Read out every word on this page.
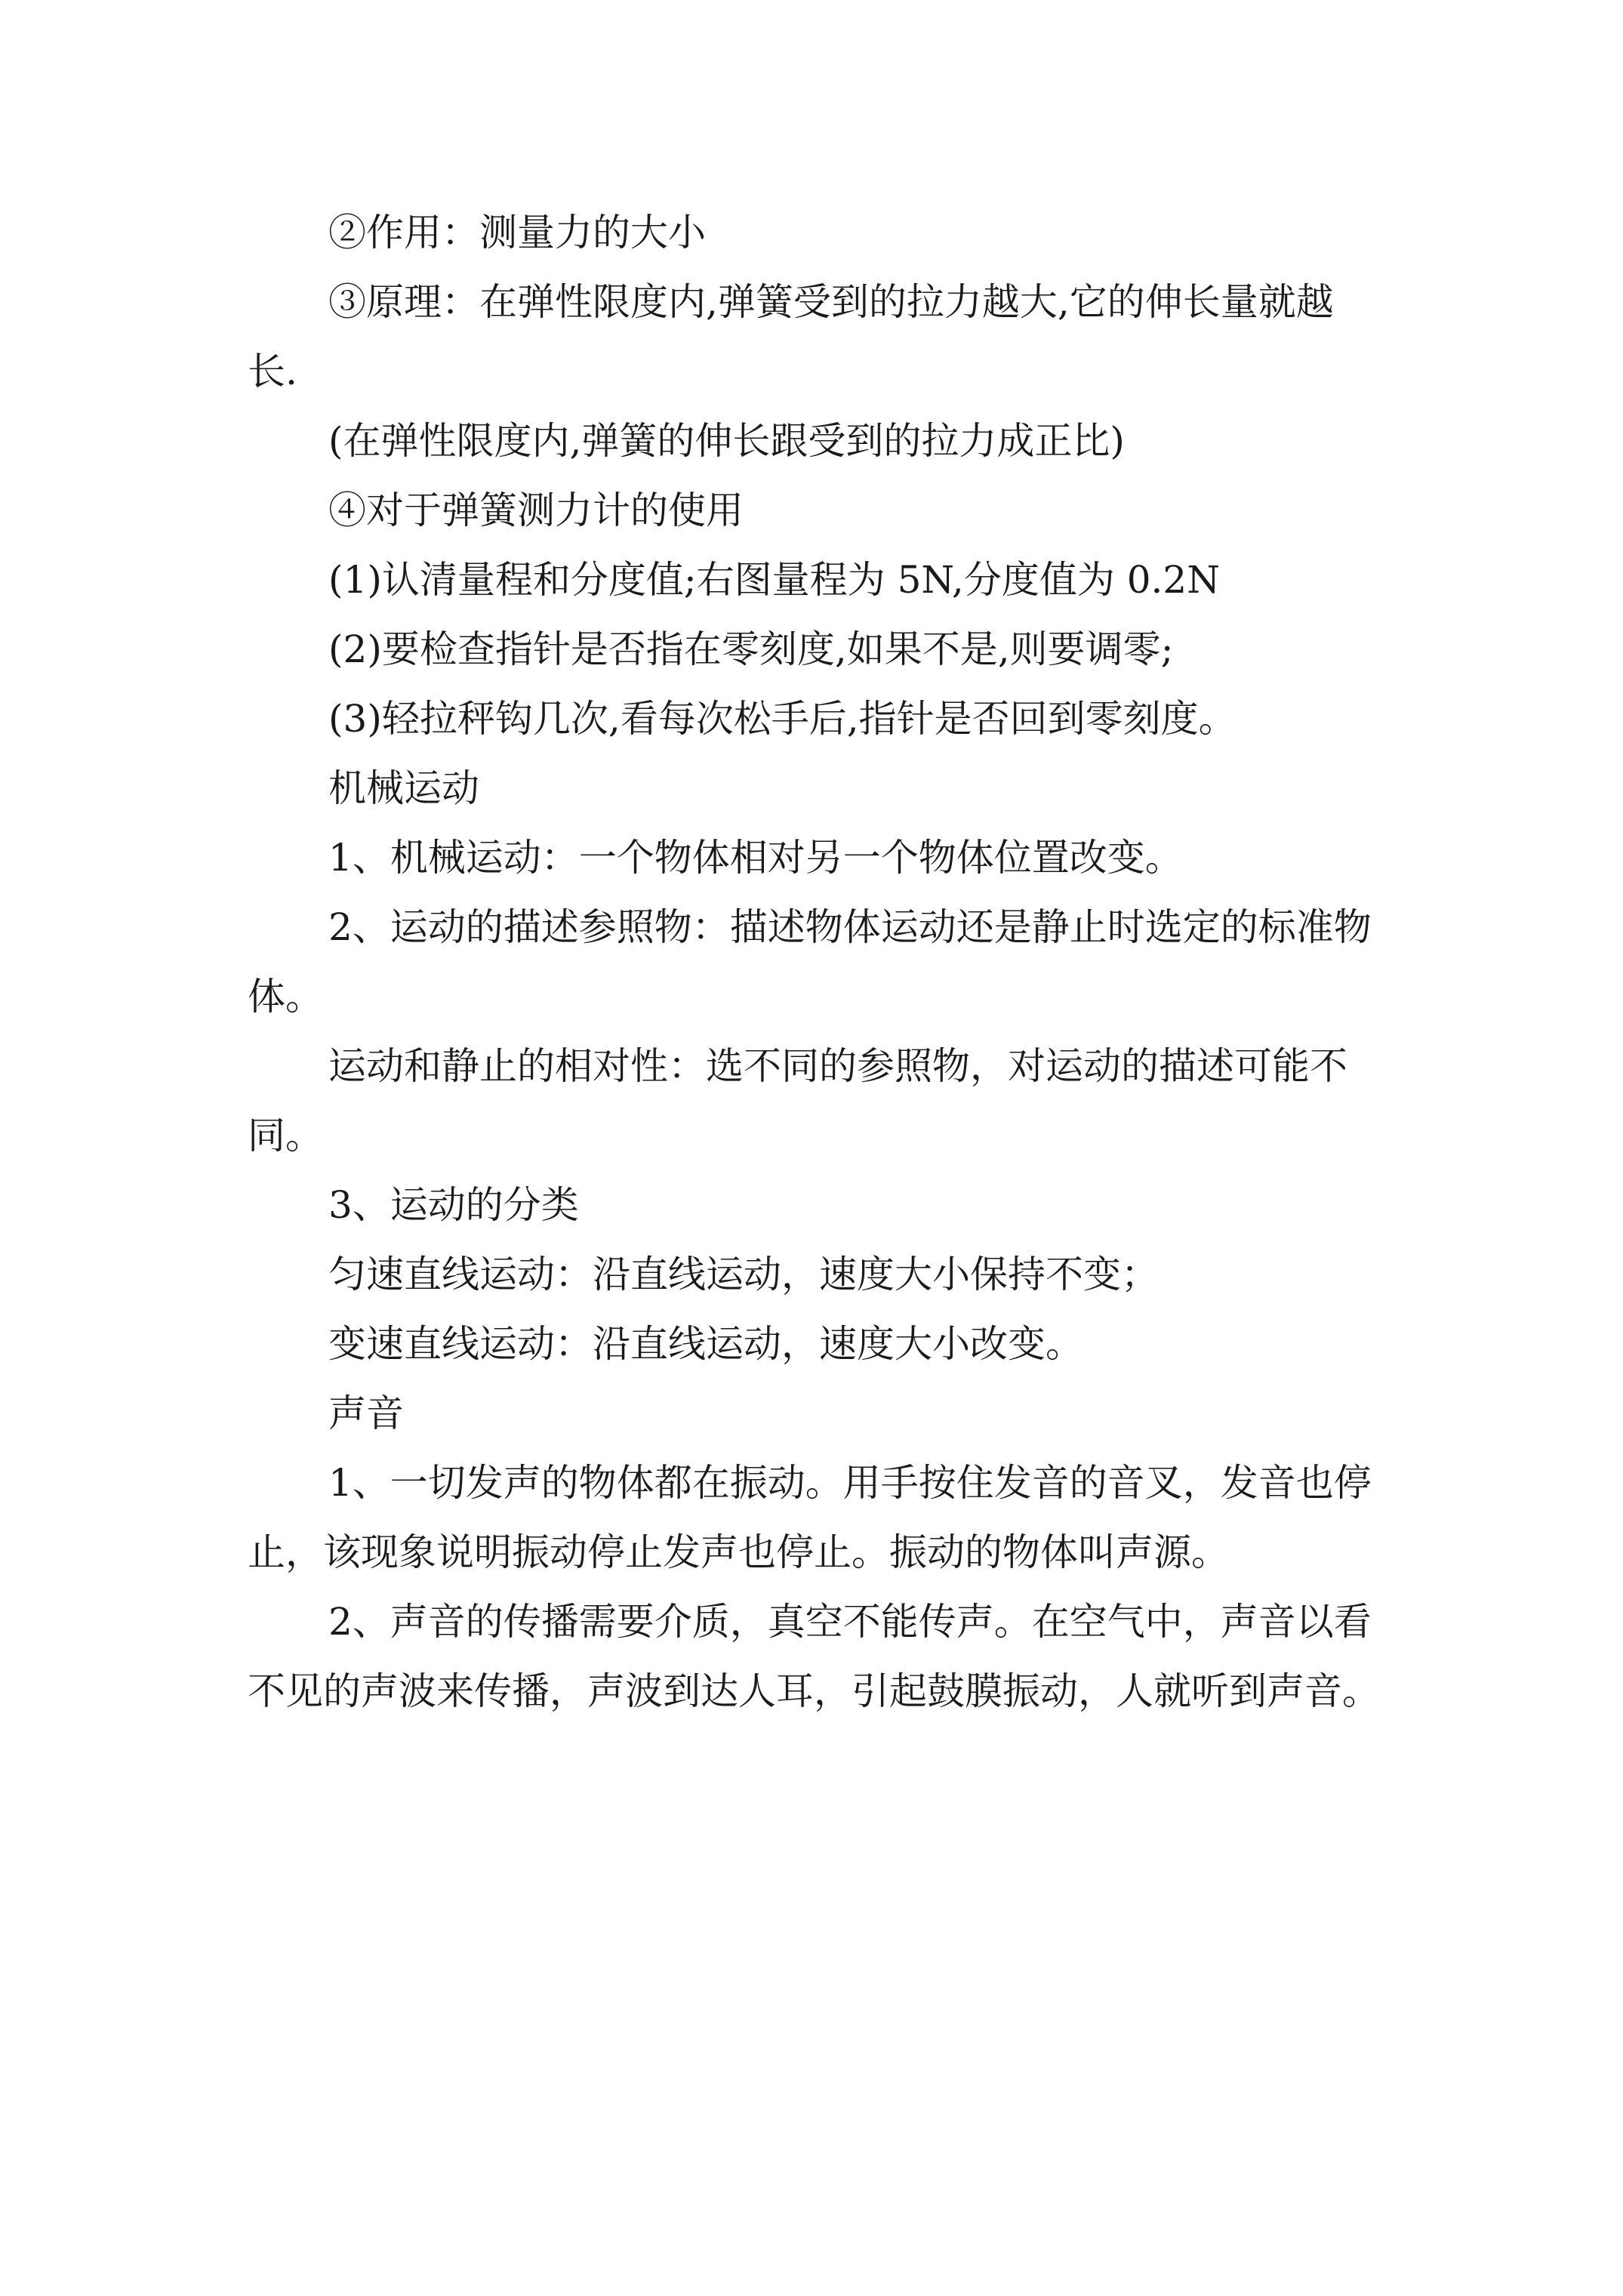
②作用：测量力的大小

③原理：在弹性限度内,弹簧受到的拉力越大,它的伸长量就越长.

(在弹性限度内,弹簧的伸长跟受到的拉力成正比)

④对于弹簧测力计的使用

(1)认清量程和分度值;右图量程为 5N,分度值为 0.2N

(2)要检查指针是否指在零刻度,如果不是,则要调零;

(3)轻拉秤钩几次,看每次松手后,指针是否回到零刻度。

机械运动

1、机械运动：一个物体相对另一个物体位置改变。

2、运动的描述参照物：描述物体运动还是静止时选定的标准物体。

运动和静止的相对性：选不同的参照物，对运动的描述可能不同。

3、运动的分类

匀速直线运动：沿直线运动，速度大小保持不变；

变速直线运动：沿直线运动，速度大小改变。

声音

1、一切发声的物体都在振动。用手按住发音的音叉，发音也停止，该现象说明振动停止发声也停止。振动的物体叫声源。

2、声音的传播需要介质，真空不能传声。在空气中，声音以看不见的声波来传播，声波到达人耳，引起鼓膜振动，人就听到声音。
